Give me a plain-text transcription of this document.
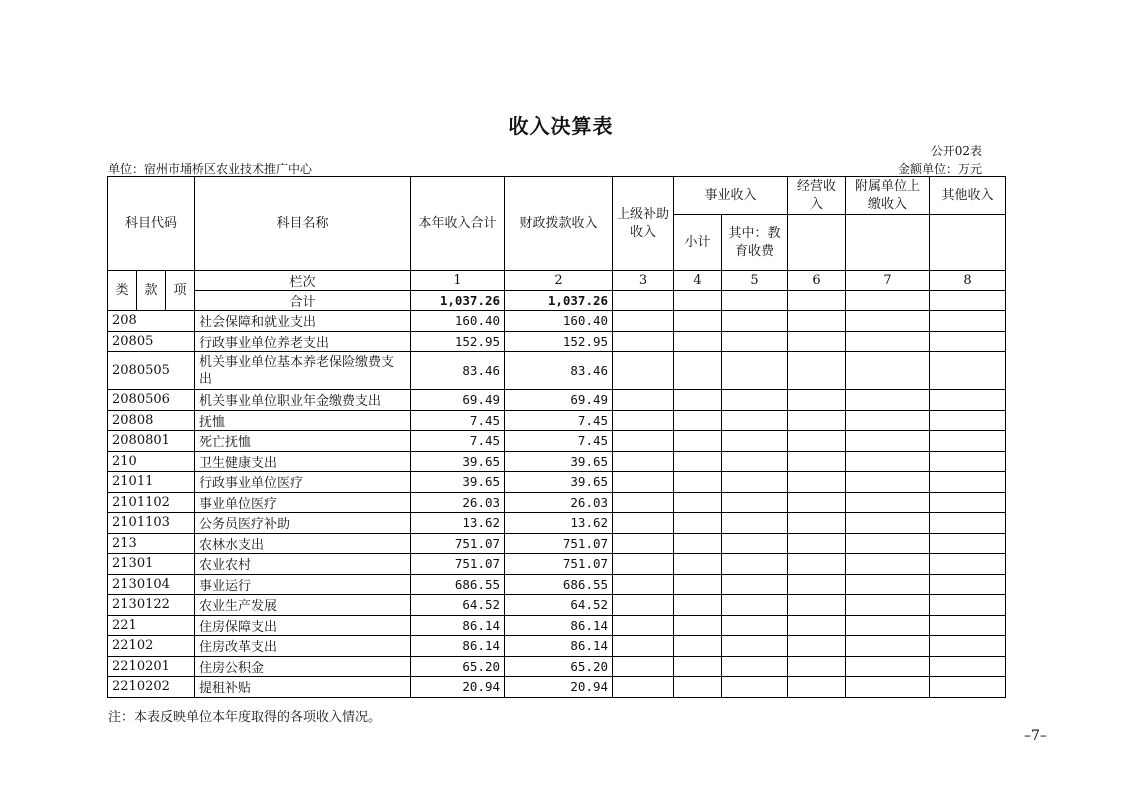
收入决算表
公开02表
单位：宿州市埇桥区农业技术推广中心	金额单位：万元
科目代码			科目名称	本年收入合计	财政拨款收入	上级补助收入	事业收入		经营收入	附属单位上缴收入	其他收入
							小计	其中：教育收费			
类	款	项	栏次	1	2	3	4	5	6	7	8
			合计	1,037.26	1,037.26						
208			社会保障和就业支出	160.40	160.40						
20805			行政事业单位养老支出	152.95	152.95						
2080505			机关事业单位基本养老保险缴费支出	83.46	83.46						
2080506			机关事业单位职业年金缴费支出	69.49	69.49						
20808			抚恤	7.45	7.45						
2080801			死亡抚恤	7.45	7.45						
210			卫生健康支出	39.65	39.65						
21011			行政事业单位医疗	39.65	39.65						
2101102			事业单位医疗	26.03	26.03						
2101103			公务员医疗补助	13.62	13.62						
213			农林水支出	751.07	751.07						
21301			农业农村	751.07	751.07						
2130104			事业运行	686.55	686.55						
2130122			农业生产发展	64.52	64.52						
221			住房保障支出	86.14	86.14						
22102			住房改革支出	86.14	86.14						
2210201			住房公积金	65.20	65.20						
2210202			提租补贴	20.94	20.94						
注：本表反映单位本年度取得的各项收入情况。
–7–
